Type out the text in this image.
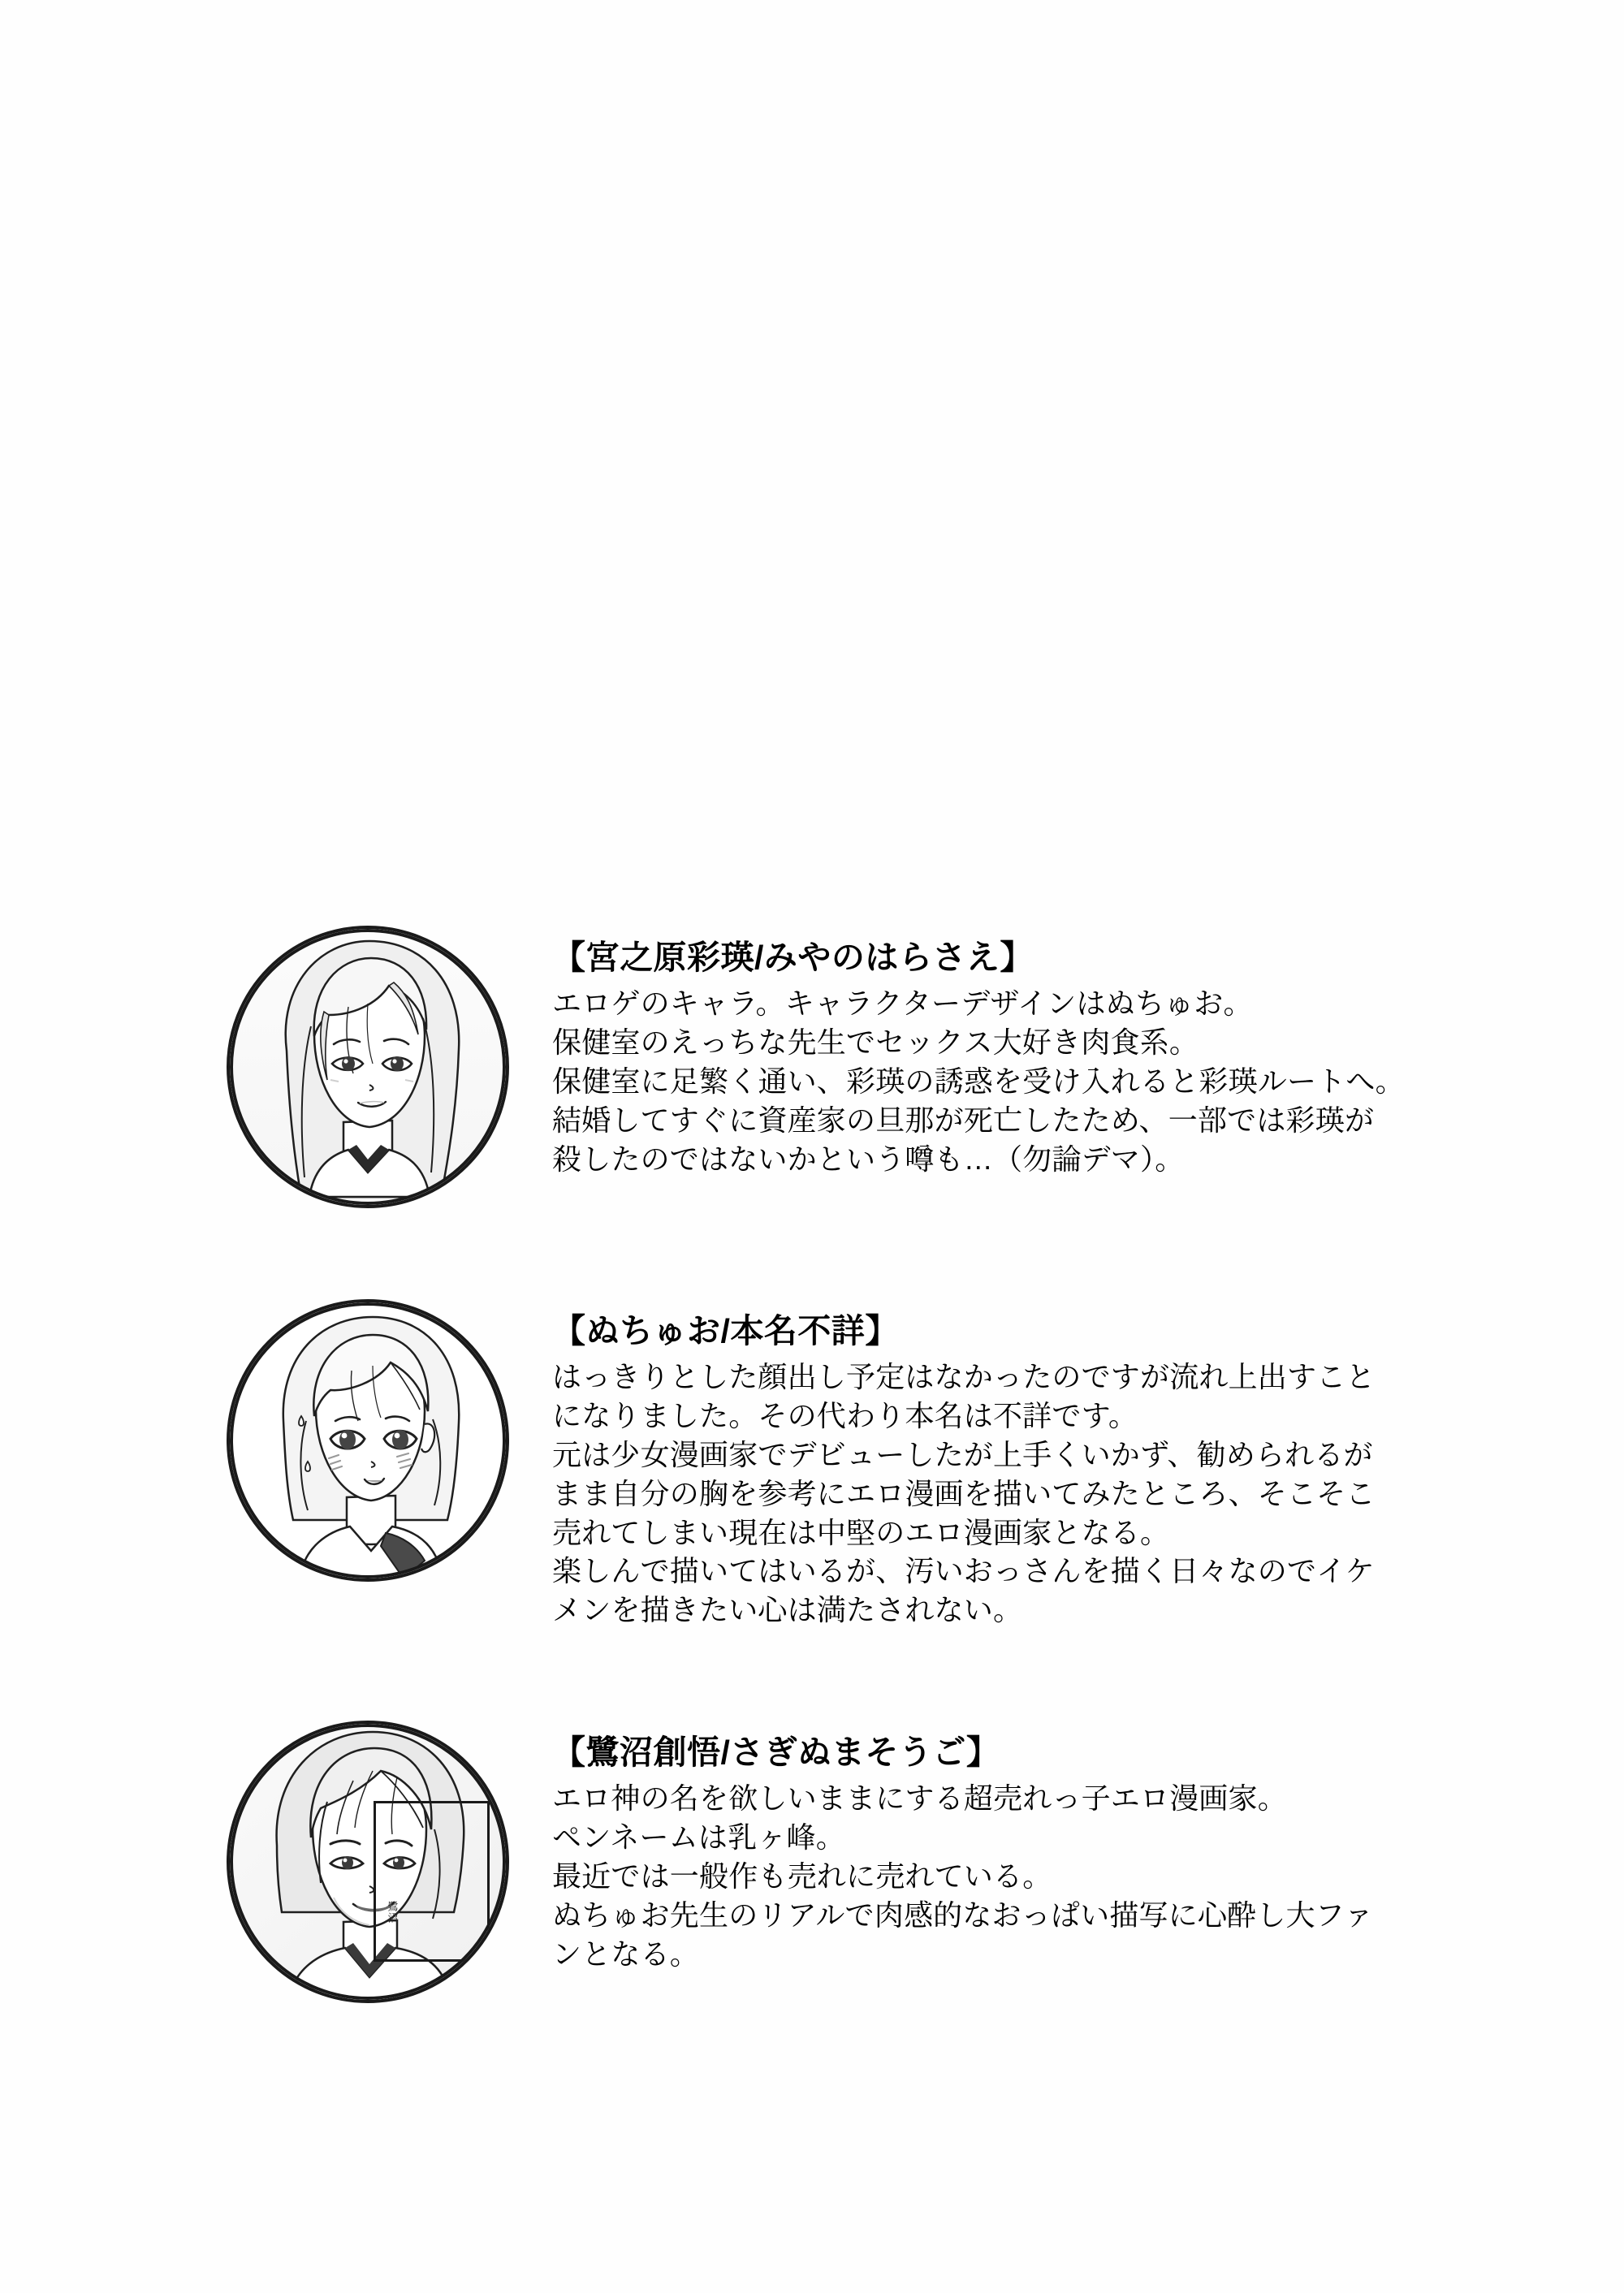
【宮之原彩瑛/みやのはらさえ】
エロゲのキャラ。キャラクターデザインはぬちゅお。
保健室のえっちな先生でセックス大好き肉食系。
保健室に足繁く通い、彩瑛の誘惑を受け入れると彩瑛ルートへ。
結婚してすぐに資産家の旦那が死亡したため、一部では彩瑛が
殺したのではないかという噂も…（勿論デマ）。
【ぬちゅお/本名不詳】
はっきりとした顔出し予定はなかったのですが流れ上出すこと
になりました。その代わり本名は不詳です。
元は少女漫画家でデビューしたが上手くいかず、勧められるが
まま自分の胸を参考にエロ漫画を描いてみたところ、そこそこ
売れてしまい現在は中堅のエロ漫画家となる。
楽しんで描いてはいるが、汚いおっさんを描く日々なのでイケ
メンを描きたい心は満たされない。
鷺沼
【鷺沼創悟/さぎぬまそうご】
エロ神の名を欲しいままにする超売れっ子エロ漫画家。
ペンネームは乳ヶ峰。
最近では一般作も売れに売れている。
ぬちゅお先生のリアルで肉感的なおっぱい描写に心酔し大ファ
ンとなる。
